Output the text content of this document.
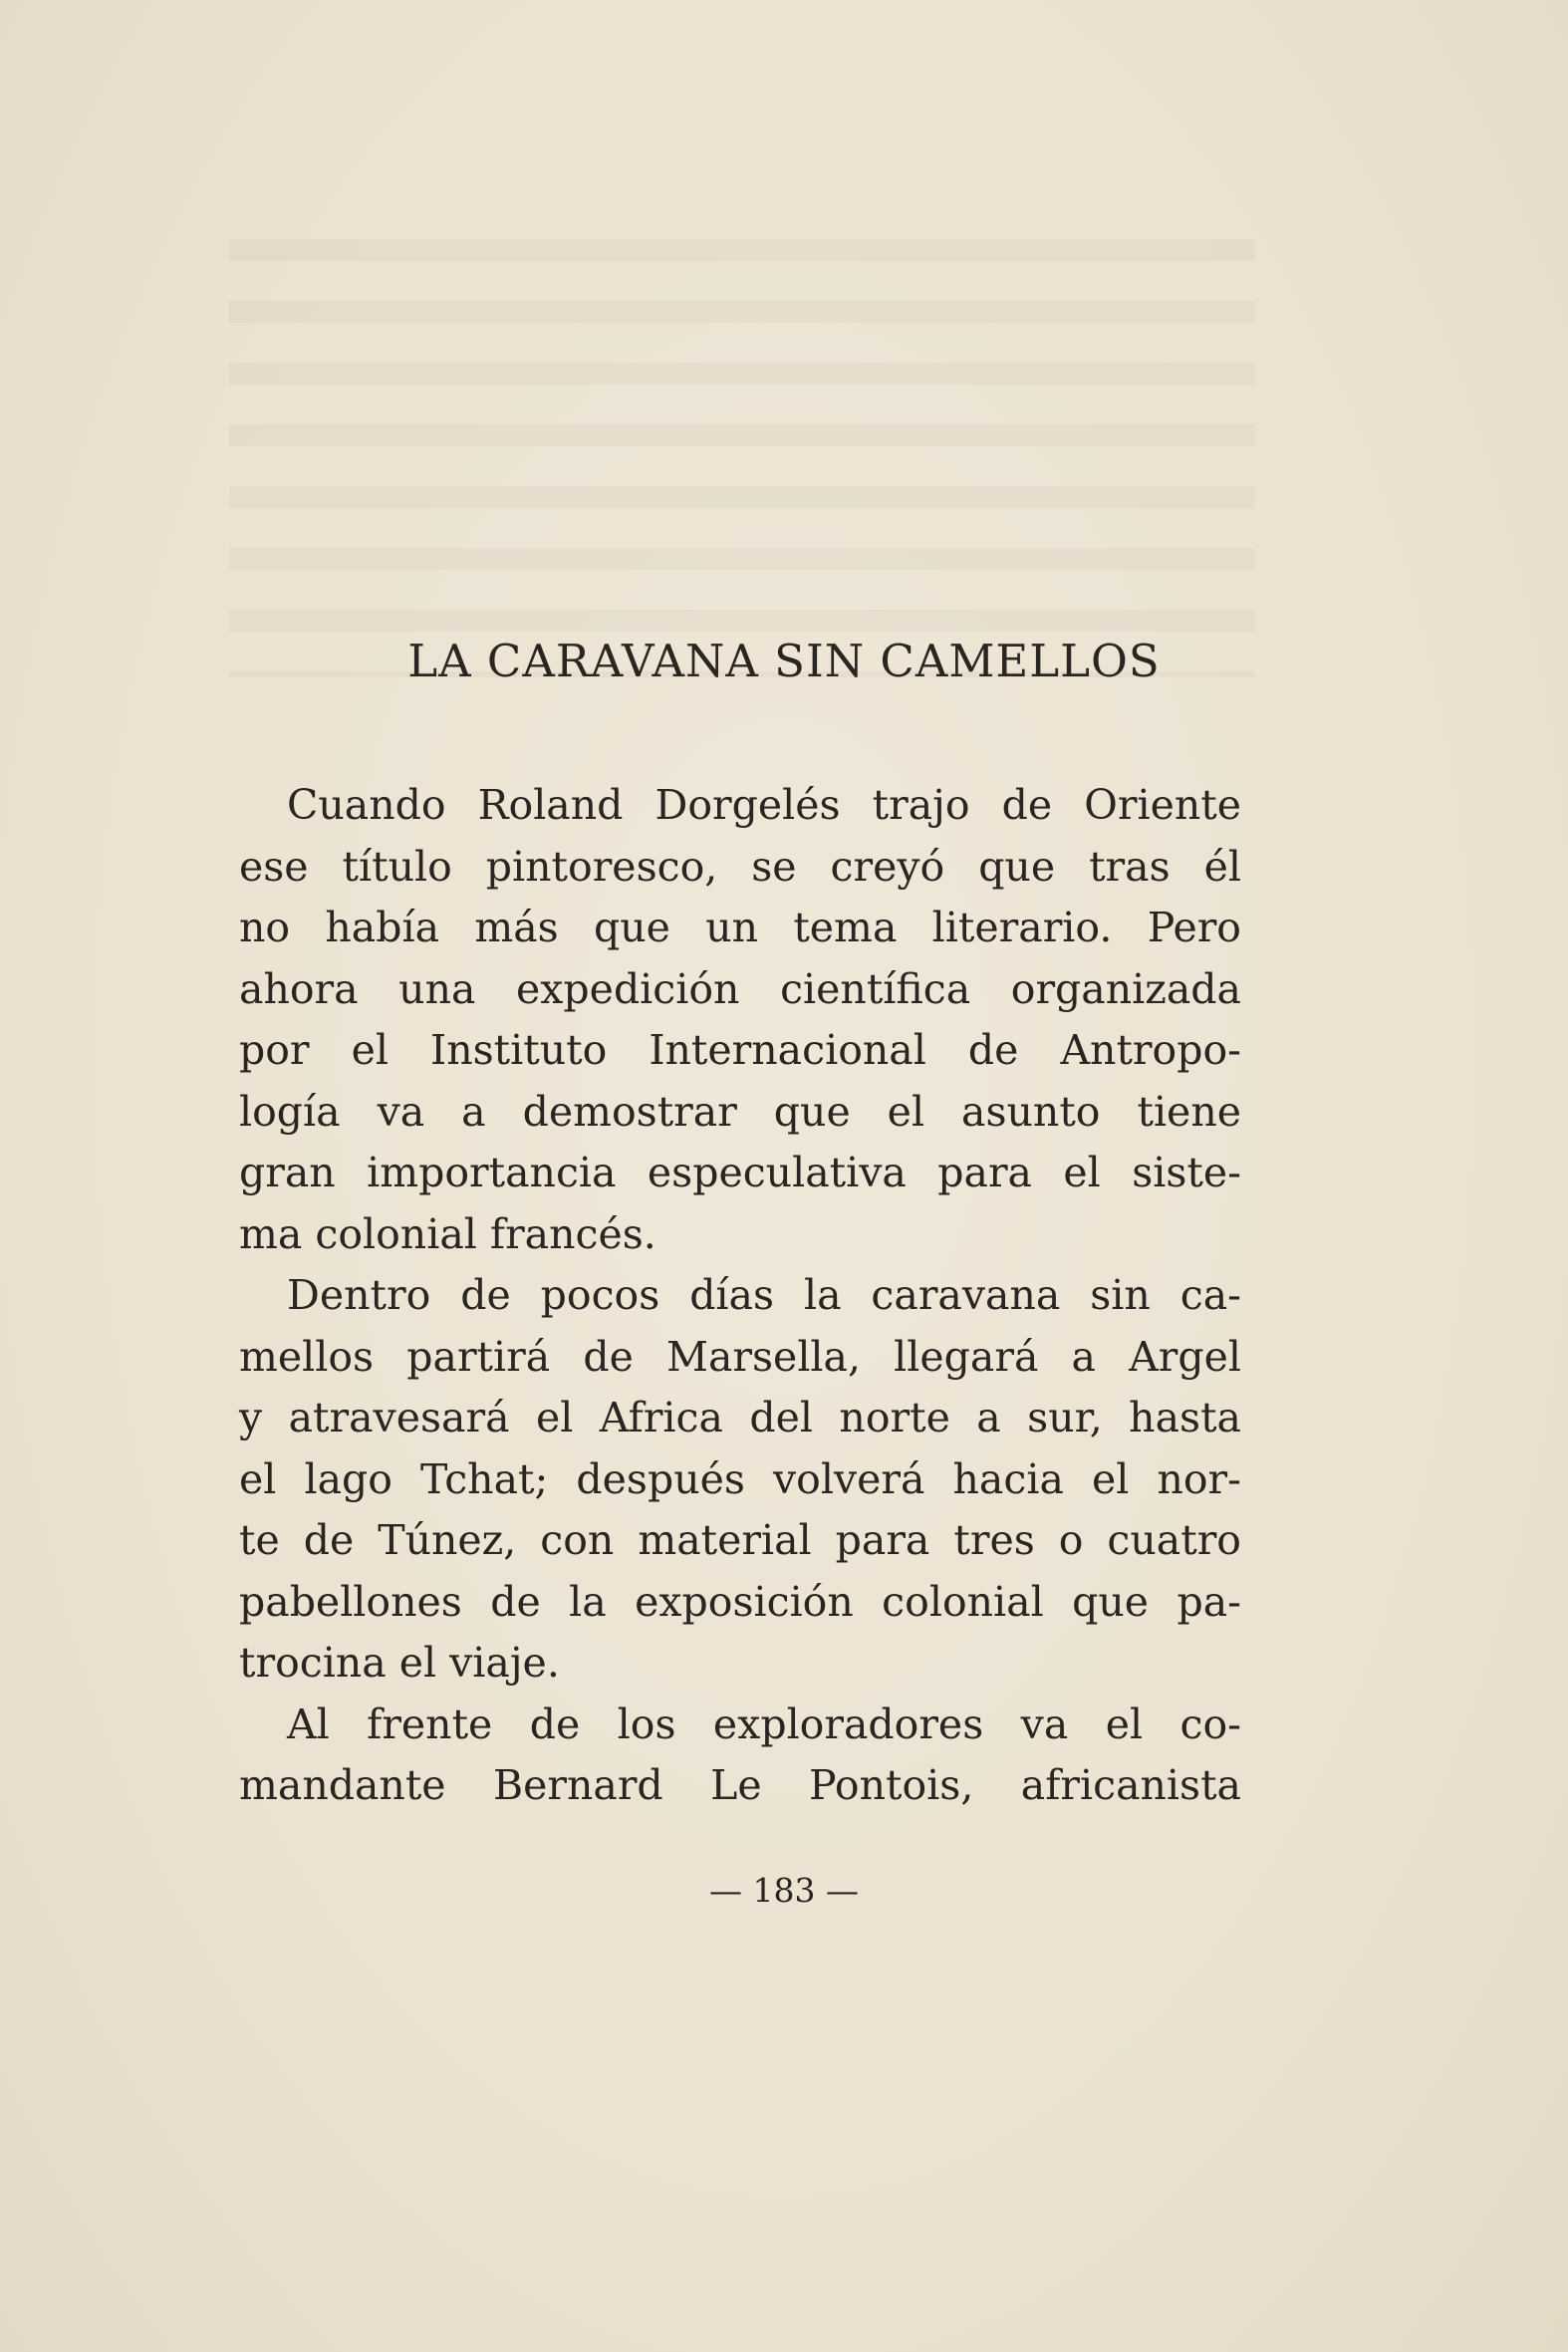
LA CARAVANA SIN CAMELLOS
Cuando Roland Dorgelés trajo de Oriente
ese título pintoresco, se creyó que tras él
no había más que un tema literario. Pero
ahora una expedición científica organizada
por el Instituto Internacional de Antropo-
logía va a demostrar que el asunto tiene
gran importancia especulativa para el siste-
ma colonial francés.
Dentro de pocos días la caravana sin ca-
mellos partirá de Marsella, llegará a Argel
y atravesará el Africa del norte a sur, hasta
el lago Tchat; después volverá hacia el nor-
te de Túnez, con material para tres o cuatro
pabellones de la exposición colonial que pa-
trocina el viaje.
Al frente de los exploradores va el co-
mandante Bernard Le Pontois, africanista
— 183 —
